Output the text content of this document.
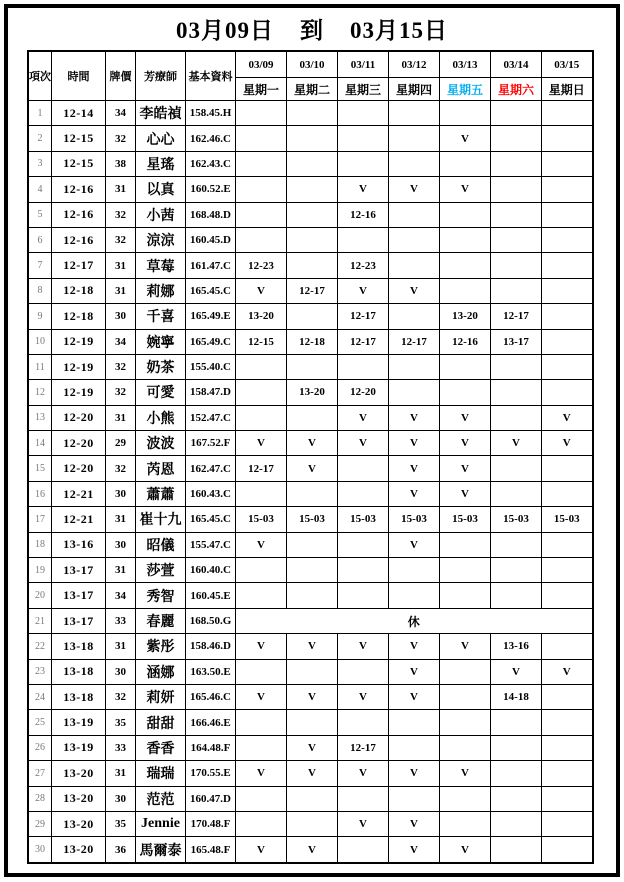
03月09日 到 03月15日
項次	時間	牌價	芳療師	基本資料	03/09	03/10	03/11	03/12	03/13	03/14	03/15
					星期一	星期二	星期三	星期四	星期五	星期六	星期日
1	12-14	34	李皓禎	158.45.H							
2	12-15	32	心心	162.46.C					V		
3	12-15	38	星瑤	162.43.C							
4	12-16	31	以真	160.52.E			V	V	V		
5	12-16	32	小茜	168.48.D			12-16				
6	12-16	32	涼涼	160.45.D							
7	12-17	31	草莓	161.47.C	12-23		12-23				
8	12-18	31	莉娜	165.45.C	V	12-17	V	V			
9	12-18	30	千喜	165.49.E	13-20		12-17		13-20	12-17	
10	12-19	34	婉寧	165.49.C	12-15	12-18	12-17	12-17	12-16	13-17	
11	12-19	32	奶茶	155.40.C							
12	12-19	32	可愛	158.47.D		13-20	12-20				
13	12-20	31	小熊	152.47.C			V	V	V		V
14	12-20	29	波波	167.52.F	V	V	V	V	V	V	V
15	12-20	32	芮恩	162.47.C	12-17	V		V	V		
16	12-21	30	蕭蕭	160.43.C				V	V		
17	12-21	31	崔十九	165.45.C	15-03	15-03	15-03	15-03	15-03	15-03	15-03
18	13-16	30	昭儀	155.47.C	V			V			
19	13-17	31	莎萱	160.40.C							
20	13-17	34	秀智	160.45.E							
21	13-17	33	春麗	168.50.G	休						
22	13-18	31	紫彤	158.46.D	V	V	V	V	V	13-16	
23	13-18	30	涵娜	163.50.E				V		V	V
24	13-18	32	莉妍	165.46.C	V	V	V	V		14-18	
25	13-19	35	甜甜	166.46.E							
26	13-19	33	香香	164.48.F		V	12-17				
27	13-20	31	瑞瑞	170.55.E	V	V	V	V	V		
28	13-20	30	范范	160.47.D							
29	13-20	35	Jennie	170.48.F			V	V			
30	13-20	36	馬爾泰	165.48.F	V	V		V	V		
